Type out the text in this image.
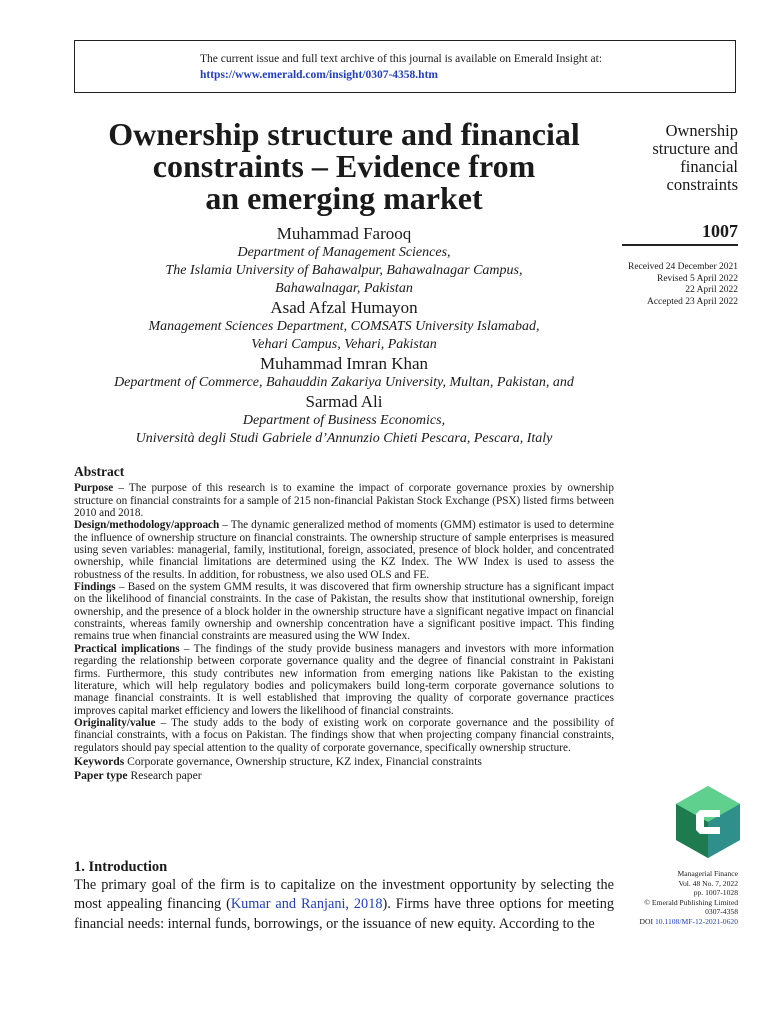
The current issue and full text archive of this journal is available on Emerald Insight at:
https://www.emerald.com/insight/0307-4358.htm
Ownership structure and financial
constraints – Evidence from
an emerging market
Muhammad Farooq
Department of Management Sciences,
The Islamia University of Bahawalpur, Bahawalnagar Campus,
Bahawalnagar, Pakistan
Asad Afzal Humayon
Management Sciences Department, COMSATS University Islamabad,
Vehari Campus, Vehari, Pakistan
Muhammad Imran Khan
Department of Commerce, Bahauddin Zakariya University, Multan, Pakistan, and
Sarmad Ali
Department of Business Economics,
Università degli Studi Gabriele d’Annunzio Chieti Pescara, Pescara, Italy
Ownership
structure and
financial
constraints
1007
Received 24 December 2021
Revised 5 April 2022
22 April 2022
Accepted 23 April 2022
Abstract

Purpose – The purpose of this research is to examine the impact of corporate governance proxies by ownership structure on financial constraints for a sample of 215 non-financial Pakistan Stock Exchange (PSX) listed firms between 2010 and 2018.

Design/methodology/approach – The dynamic generalized method of moments (GMM) estimator is used to determine the influence of ownership structure on financial constraints. The ownership structure of sample enterprises is measured using seven variables: managerial, family, institutional, foreign, associated, presence of block holder, and concentrated ownership, while financial limitations are determined using the KZ Index. The WW Index is used to assess the robustness of the results. In addition, for robustness, we also used OLS and FE.

Findings – Based on the system GMM results, it was discovered that firm ownership structure has a significant impact on the likelihood of financial constraints. In the case of Pakistan, the results show that institutional ownership, foreign ownership, and the presence of a block holder in the ownership structure have a significant negative impact on financial constraints, whereas family ownership and ownership concentration have a significant positive impact. This finding remains true when financial constraints are measured using the WW Index.

Practical implications – The findings of the study provide business managers and investors with more information regarding the relationship between corporate governance quality and the degree of financial constraint in Pakistani firms. Furthermore, this study contributes new information from emerging nations like Pakistan to the existing literature, which will help regulatory bodies and policymakers build long-term corporate governance solutions to manage financial constraints. It is well established that improving the quality of corporate governance practices improves capital market efficiency and lowers the likelihood of financial constraints.

Originality/value – The study adds to the body of existing work on corporate governance and the possibility of financial constraints, with a focus on Pakistan. The findings show that when projecting company financial constraints, regulators should pay special attention to the quality of corporate governance, specifically ownership structure.

Keywords Corporate governance, Ownership structure, KZ index, Financial constraints

Paper type Research paper

1. Introduction

The primary goal of the firm is to capitalize on the investment opportunity by selecting the most appealing financing (Kumar and Ranjani, 2018). Firms have three options for meeting financial needs: internal funds, borrowings, or the issuance of new equity. According to the

Managerial Finance
Vol. 48 No. 7, 2022
pp. 1007-1028
© Emerald Publishing Limited
0307-4358
DOI 10.1108/MF-12-2021-0620
